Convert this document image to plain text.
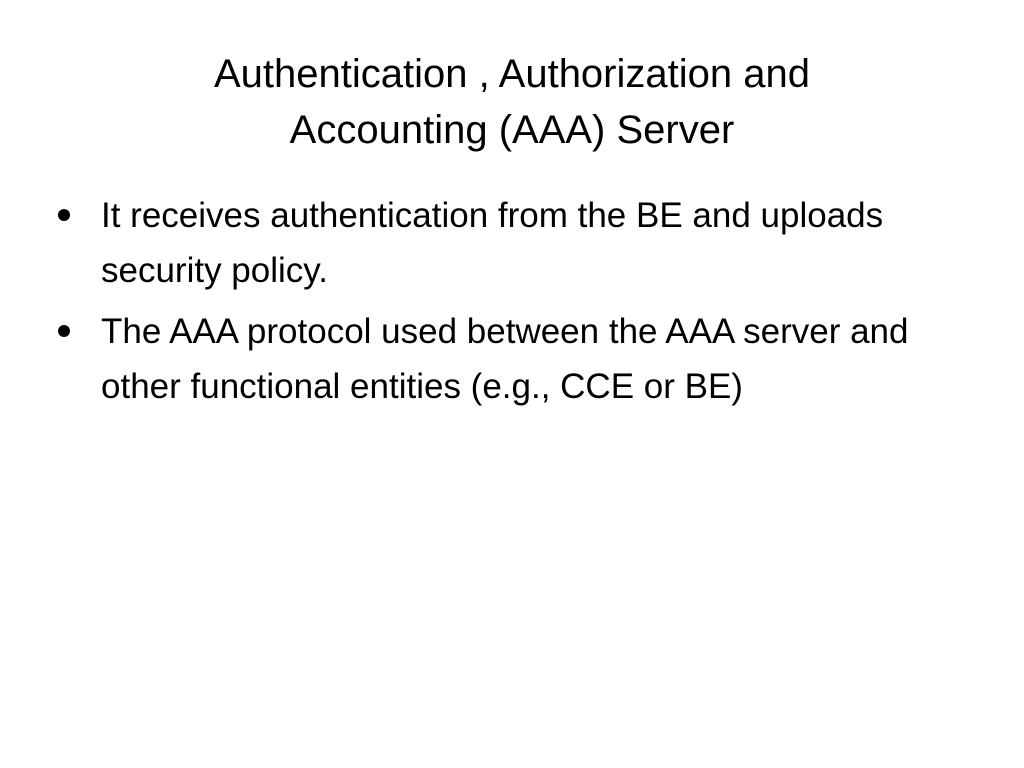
Authentication , Authorization and
Accounting (AAA) Server
It receives authentication from the BE and uploads security policy.
The AAA protocol used between the AAA server and other functional entities (e.g., CCE or BE)
